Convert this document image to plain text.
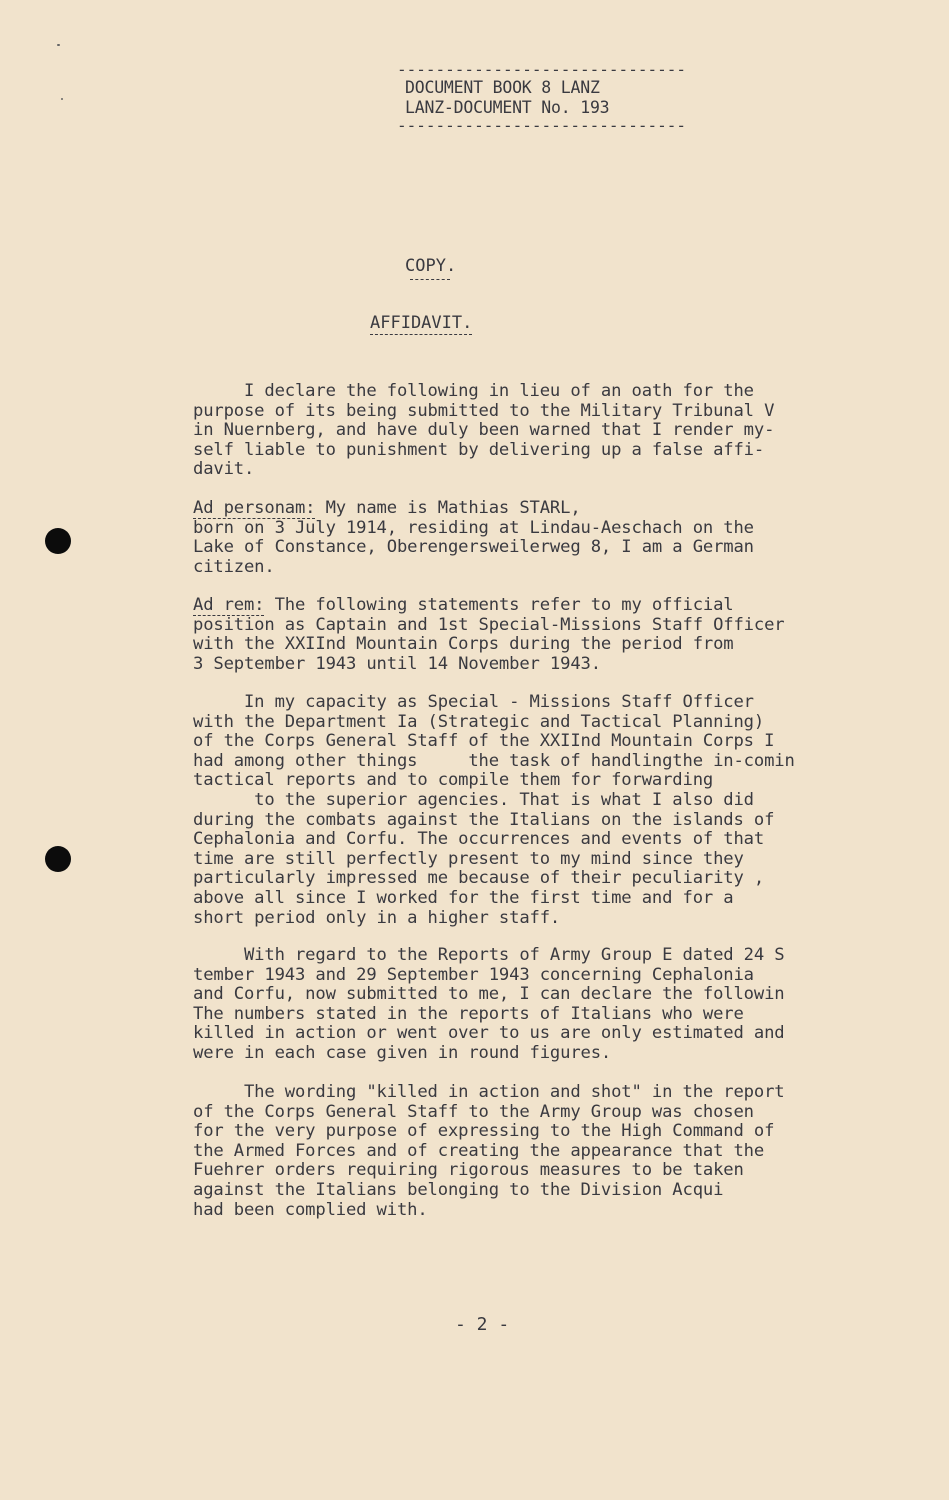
------------------------------
DOCUMENT BOOK 8 LANZ
LANZ-DOCUMENT No. 193
------------------------------
COPY.
AFFIDAVIT.
I declare the following in lieu of an oath for the
purpose of its being submitted to the Military Tribunal V
in Nuernberg, and have duly been warned that I render my-
self liable to punishment by delivering up a false affi-
davit.
Ad personam: My name is Mathias STARL,
born on 3 July 1914, residing at Lindau-Aeschach on the
Lake of Constance, Oberengersweilerweg 8, I am a German
citizen.
Ad rem: The following statements refer to my official
position as Captain and 1st Special-Missions Staff Officer
with the XXIInd Mountain Corps during the period from
3 September 1943 until 14 November 1943.
In my capacity as Special - Missions Staff Officer
with the Department Ia (Strategic and Tactical Planning)
of the Corps General Staff of the XXIInd Mountain Corps I
had among other things     the task of handlingthe in-comin
tactical reports and to compile them for forwarding
to the superior agencies. That is what I also did
during the combats against the Italians on the islands of
Cephalonia and Corfu. The occurrences and events of that
time are still perfectly present to my mind since they
particularly impressed me because of their peculiarity ,
above all since I worked for the first time and for a
short period only in a higher staff.
With regard to the Reports of Army Group E dated 24 S
tember 1943 and 29 September 1943 concerning Cephalonia
and Corfu, now submitted to me, I can declare the followin
The numbers stated in the reports of Italians who were
killed in action or went over to us are only estimated and
were in each case given in round figures.
The wording "killed in action and shot" in the report
of the Corps General Staff to the Army Group was chosen
for the very purpose of expressing to the High Command of
the Armed Forces and of creating the appearance that the
Fuehrer orders requiring rigorous measures to be taken
against the Italians belonging to the Division Acqui
had been complied with.
- 2 -
